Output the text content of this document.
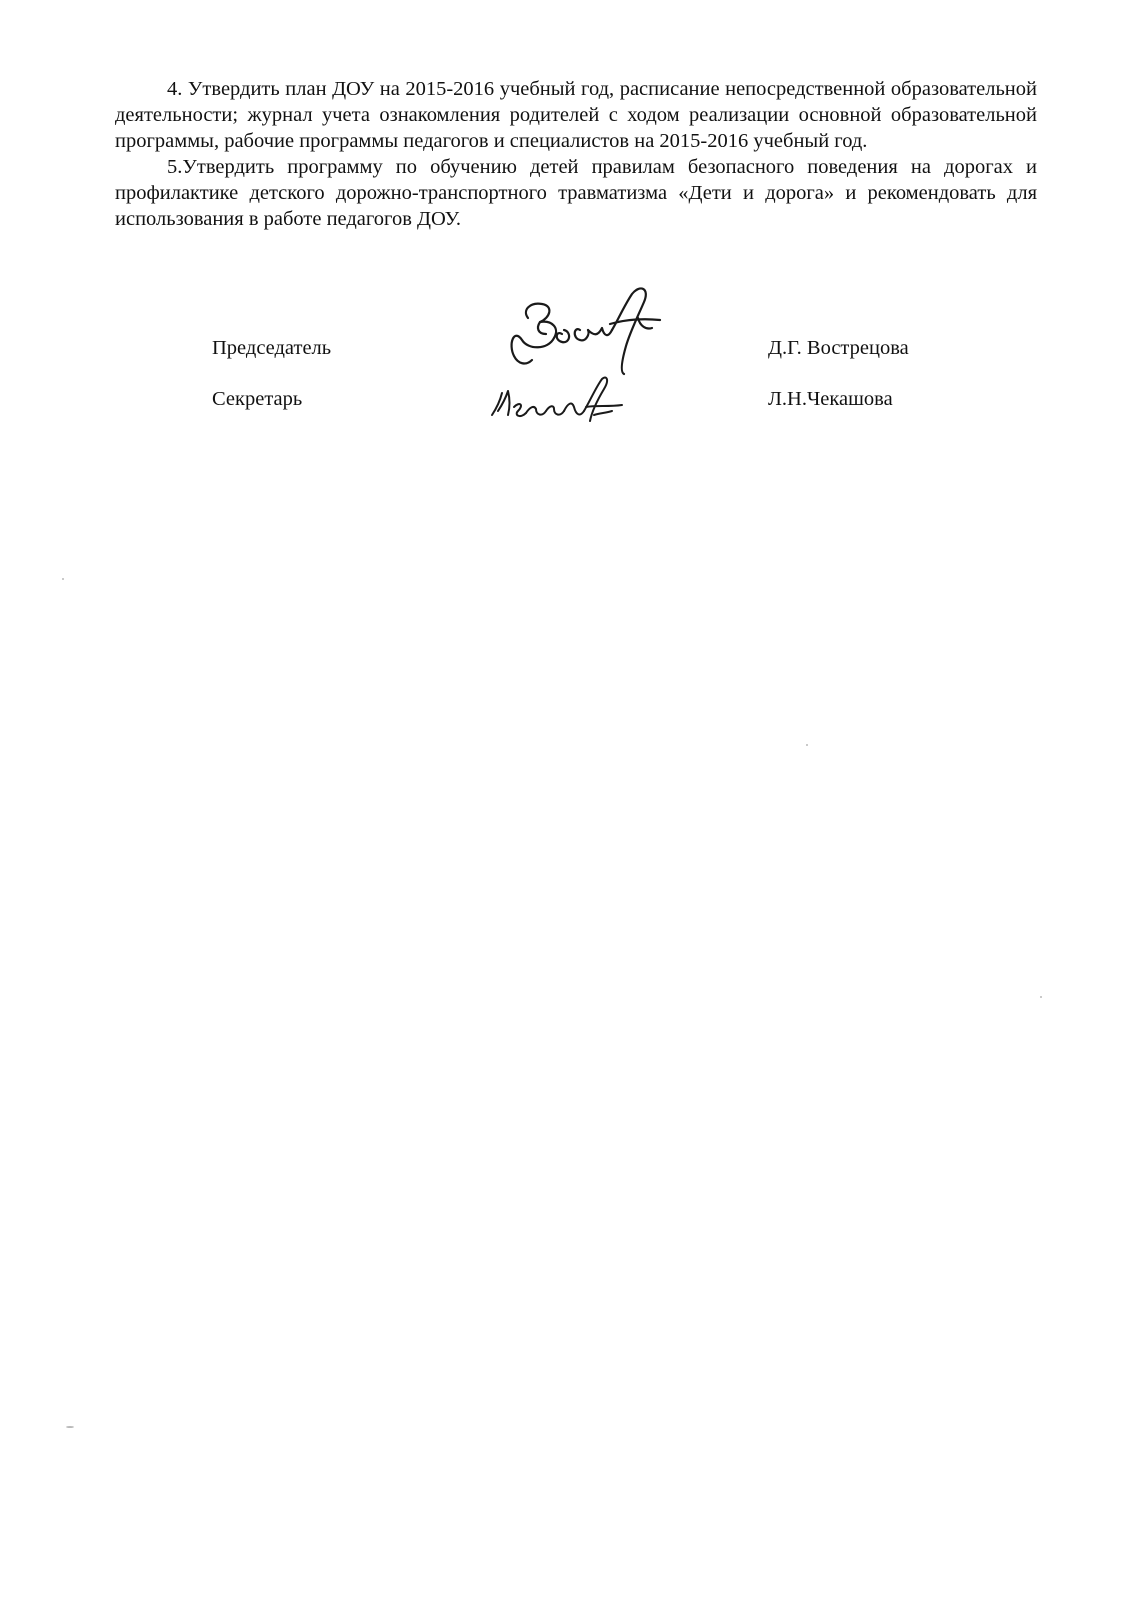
4. Утвердить план ДОУ на 2015-2016 учебный год, расписание непосредственной образовательной деятельности; журнал учета ознакомления родителей с ходом реализации основной образовательной программы, рабочие программы педагогов и специалистов на 2015-2016 учебный год.

5.Утвердить программу по обучению детей правилам безопасного поведения на дорогах и профилактике детского дорожно-транспортного травматизма «Дети и дорога» и рекомендовать для использования в работе педагогов ДОУ.

Председатель	Д.Г. Вострецова
Секретарь	Л.Н.Чекашова
